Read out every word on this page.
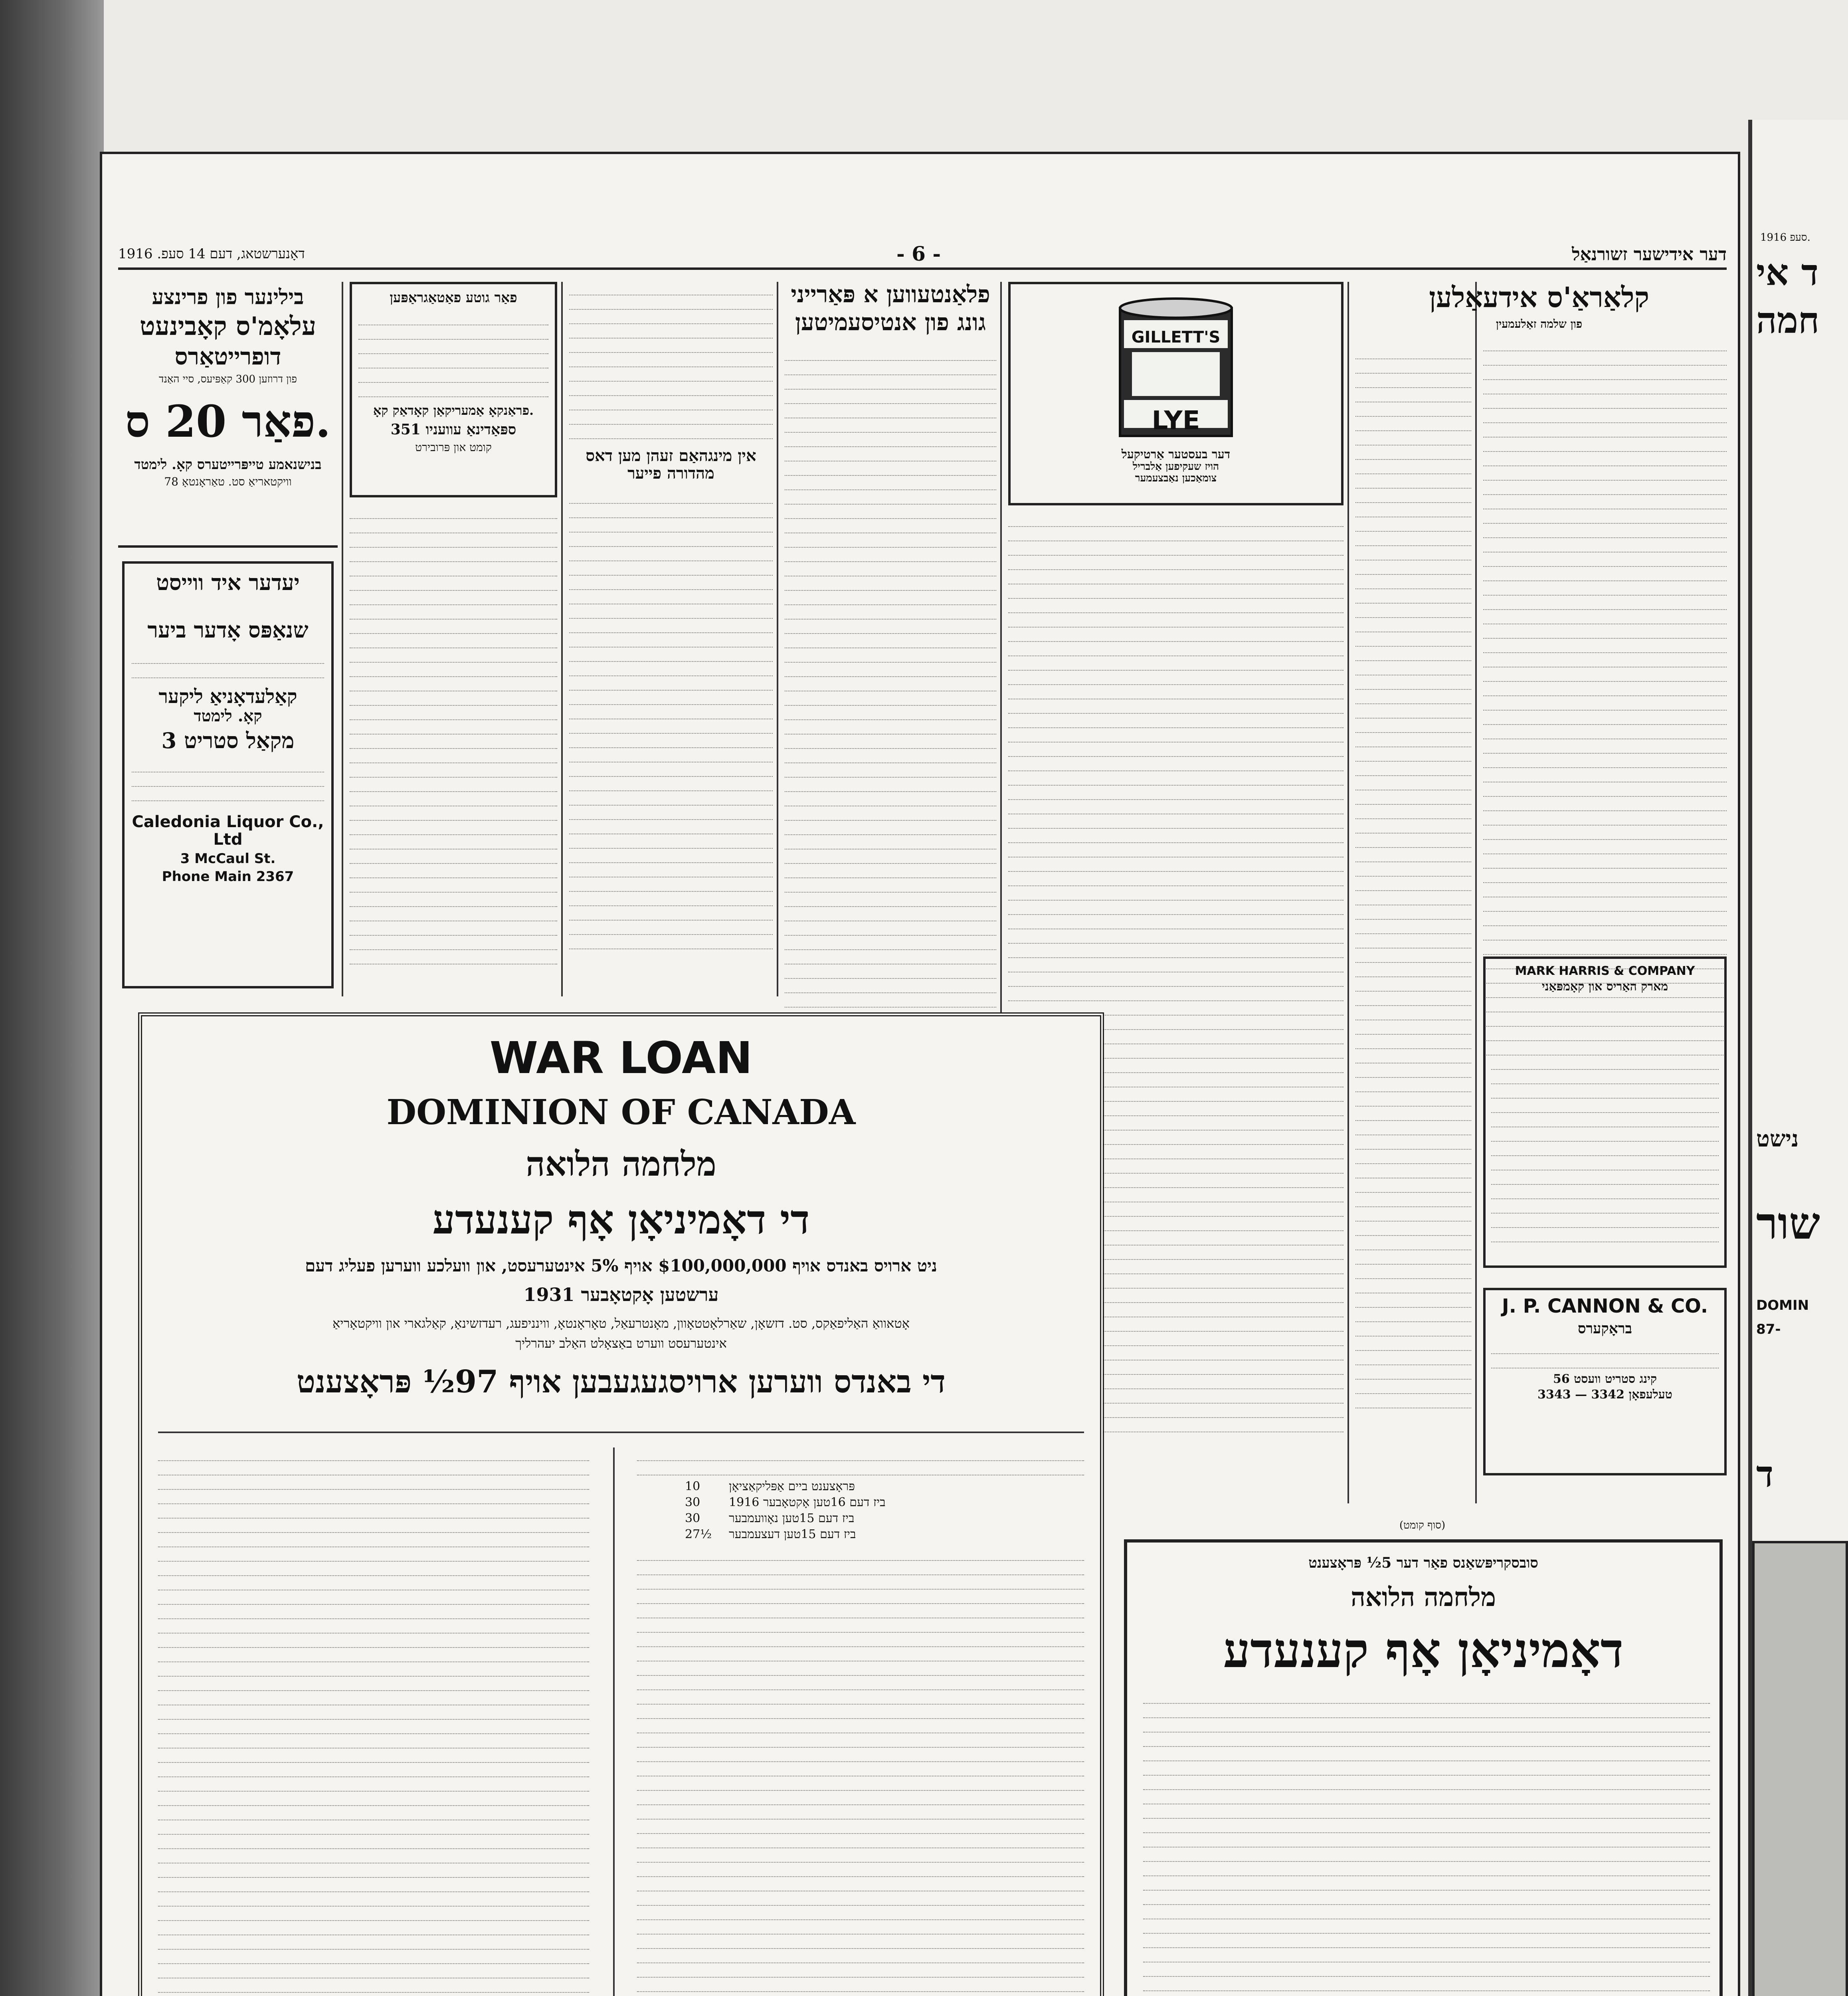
1916 סעפ.
ד אי
חמה
נישט
שור
DOMIN
87-
ד
דאָנערשטאג, דעם 14 סעפ. 1916	- 6 -	דער אידישער זשורנאַל
בילינער פון פרינצע
עלאָמ'ס קאָבינעט
דופרייטאַרס
פון דרוזען 300 קאַפּיעס, סיי האַנד
פאַר 20 ס.
בנישנאמע טייפּרייטערס קאָ. לימטד
78 וויקטאריאַ סט. טאַראָנטאָ
יעדער איד ווייסט
שנאַפּס אָדער ביער
קאַלעדאָניאַ ליקער
קאָ. לימטד
3 מקאַל סטריט
Caledonia Liquor Co., Ltd
3 McCaul St.
Phone Main 2367
פאַר גוטע פאַטאַגראַפּען
פראַנקאָ אַמעריקאַן קאָדאַק קאָ.
351 ספּאַדינאַ עוועניו
קומט און פּרובירט	אין מינגהאַם זעהן מען דאס מהדורה פייער
פלאַנטעווען א פּאַרייני
גונג פון אנטיסעמיטען
GILLETT'S
LYE
דער בעסטער אַרטיקעל
הויז שעקיפען אַלבריל
צומאַכען נאַבצעמער
קלאַראַ'ס אידעאַלען
פון שלמה זאַלעמעין
MARK HARRIS & COMPANY
מארק האַריס און קאָמפּאַני
J. P. CANNON & CO.
בראָקערס
56 קינג סטריט וועסט
טעלעפאָן 3342 — 3343
(סוף קומט)
WAR LOAN
DOMINION OF CANADA
מלחמה הלואה
די דאָמיניאָן אָף קענעדע
ניט ארויס באנדס אויף $100,000,000 אויף 5% אינטערעסט, און וועלכע ווערען פעליג דעם
ערשטען אָקטאָבער 1931
אָטאוואַ האַליפאַקס, סט. דזשאָן, שאַרלאָטטאָוון, מאָנטרעאַל, טאָראָנטאָ, ווינניפעג, רעדזשינאַ, קאַלגארי און וויקטאָריאַ
אינטערעסט ווערט באַצאָלט האַלב יעהרליך
די באנדס ווערען ארויסגעגעבען אויף 97½ פּראָצענט
10	פּראָצענט ביים אַפּליקאַציאָן
30	ביז דעם 16טען אָקטאָבער 1916
30	ביז דעם 15טען נאָוועמבער
27½	ביז דעם 15טען דעצעמבער
סובסקריפּשאַנס פאַר דער 5½ פּראָצענט
מלחמה הלואה
דאָמיניאָן אָף קענעדע
